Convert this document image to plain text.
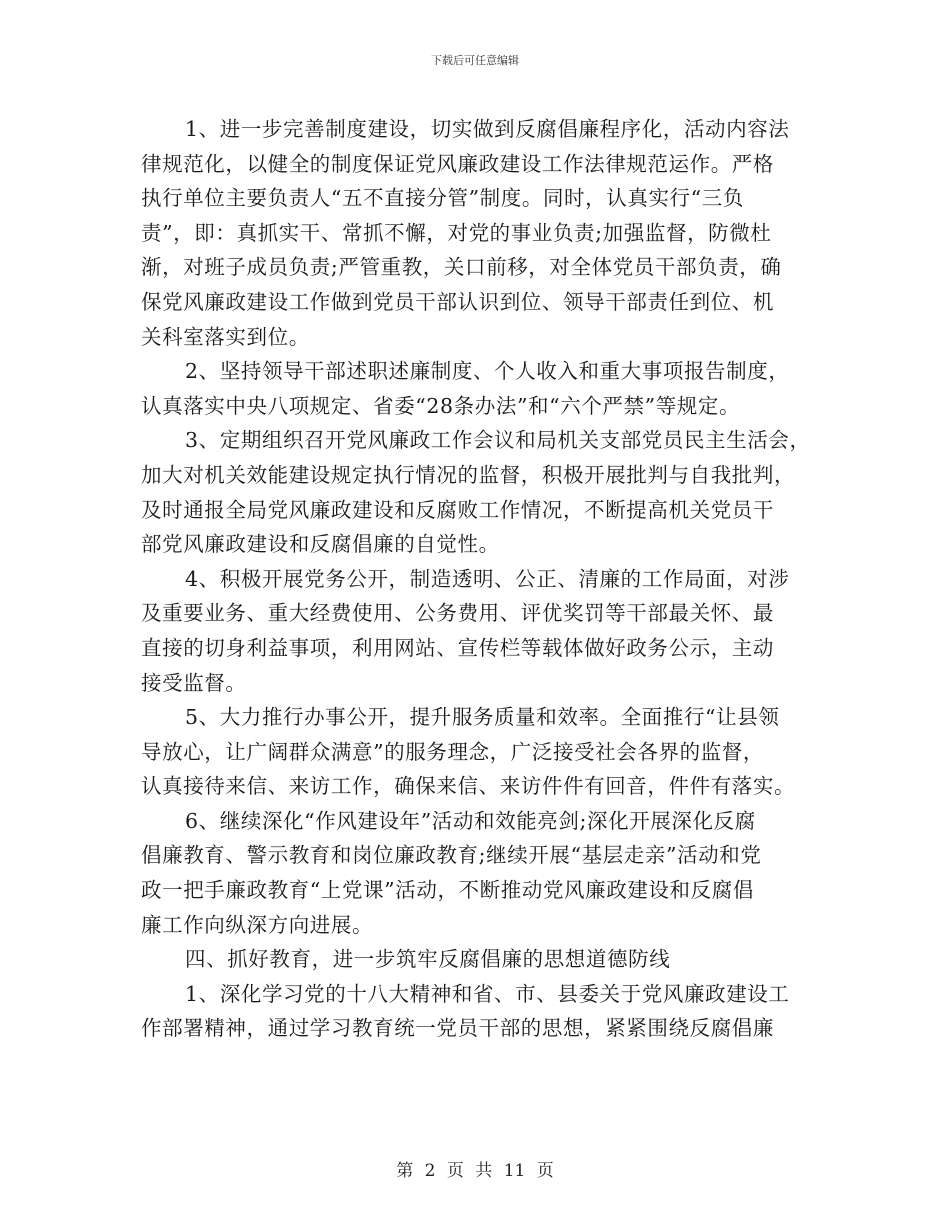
下载后可任意编辑
1、进一步完善制度建设，切实做到反腐倡廉程序化，活动内容法
律规范化，以健全的制度保证党风廉政建设工作法律规范运作。严格
执行单位主要负责人“五不直接分管”制度。同时，认真实行“三负
责”，即：真抓实干、常抓不懈，对党的事业负责;加强监督，防微杜
渐，对班子成员负责;严管重教，关口前移，对全体党员干部负责，确
保党风廉政建设工作做到党员干部认识到位、领导干部责任到位、机
关科室落实到位。
2、坚持领导干部述职述廉制度、个人收入和重大事项报告制度，
认真落实中央八项规定、省委“28条办法”和“六个严禁”等规定。
3、定期组织召开党风廉政工作会议和局机关支部党员民主生活会，
加大对机关效能建设规定执行情况的监督，积极开展批判与自我批判，
及时通报全局党风廉政建设和反腐败工作情况，不断提高机关党员干
部党风廉政建设和反腐倡廉的自觉性。
4、积极开展党务公开，制造透明、公正、清廉的工作局面，对涉
及重要业务、重大经费使用、公务费用、评优奖罚等干部最关怀、最
直接的切身利益事项，利用网站、宣传栏等载体做好政务公示，主动
接受监督。
5、大力推行办事公开，提升服务质量和效率。全面推行“让县领
导放心，让广阔群众满意”的服务理念，广泛接受社会各界的监督，
认真接待来信、来访工作，确保来信、来访件件有回音，件件有落实。
6、继续深化“作风建设年”活动和效能亮剑;深化开展深化反腐
倡廉教育、警示教育和岗位廉政教育;继续开展“基层走亲”活动和党
政一把手廉政教育“上党课”活动，不断推动党风廉政建设和反腐倡
廉工作向纵深方向进展。
四、抓好教育，进一步筑牢反腐倡廉的思想道德防线
1、深化学习党的十八大精神和省、市、县委关于党风廉政建设工
作部署精神，通过学习教育统一党员干部的思想，紧紧围绕反腐倡廉
第 2 页 共 11 页
